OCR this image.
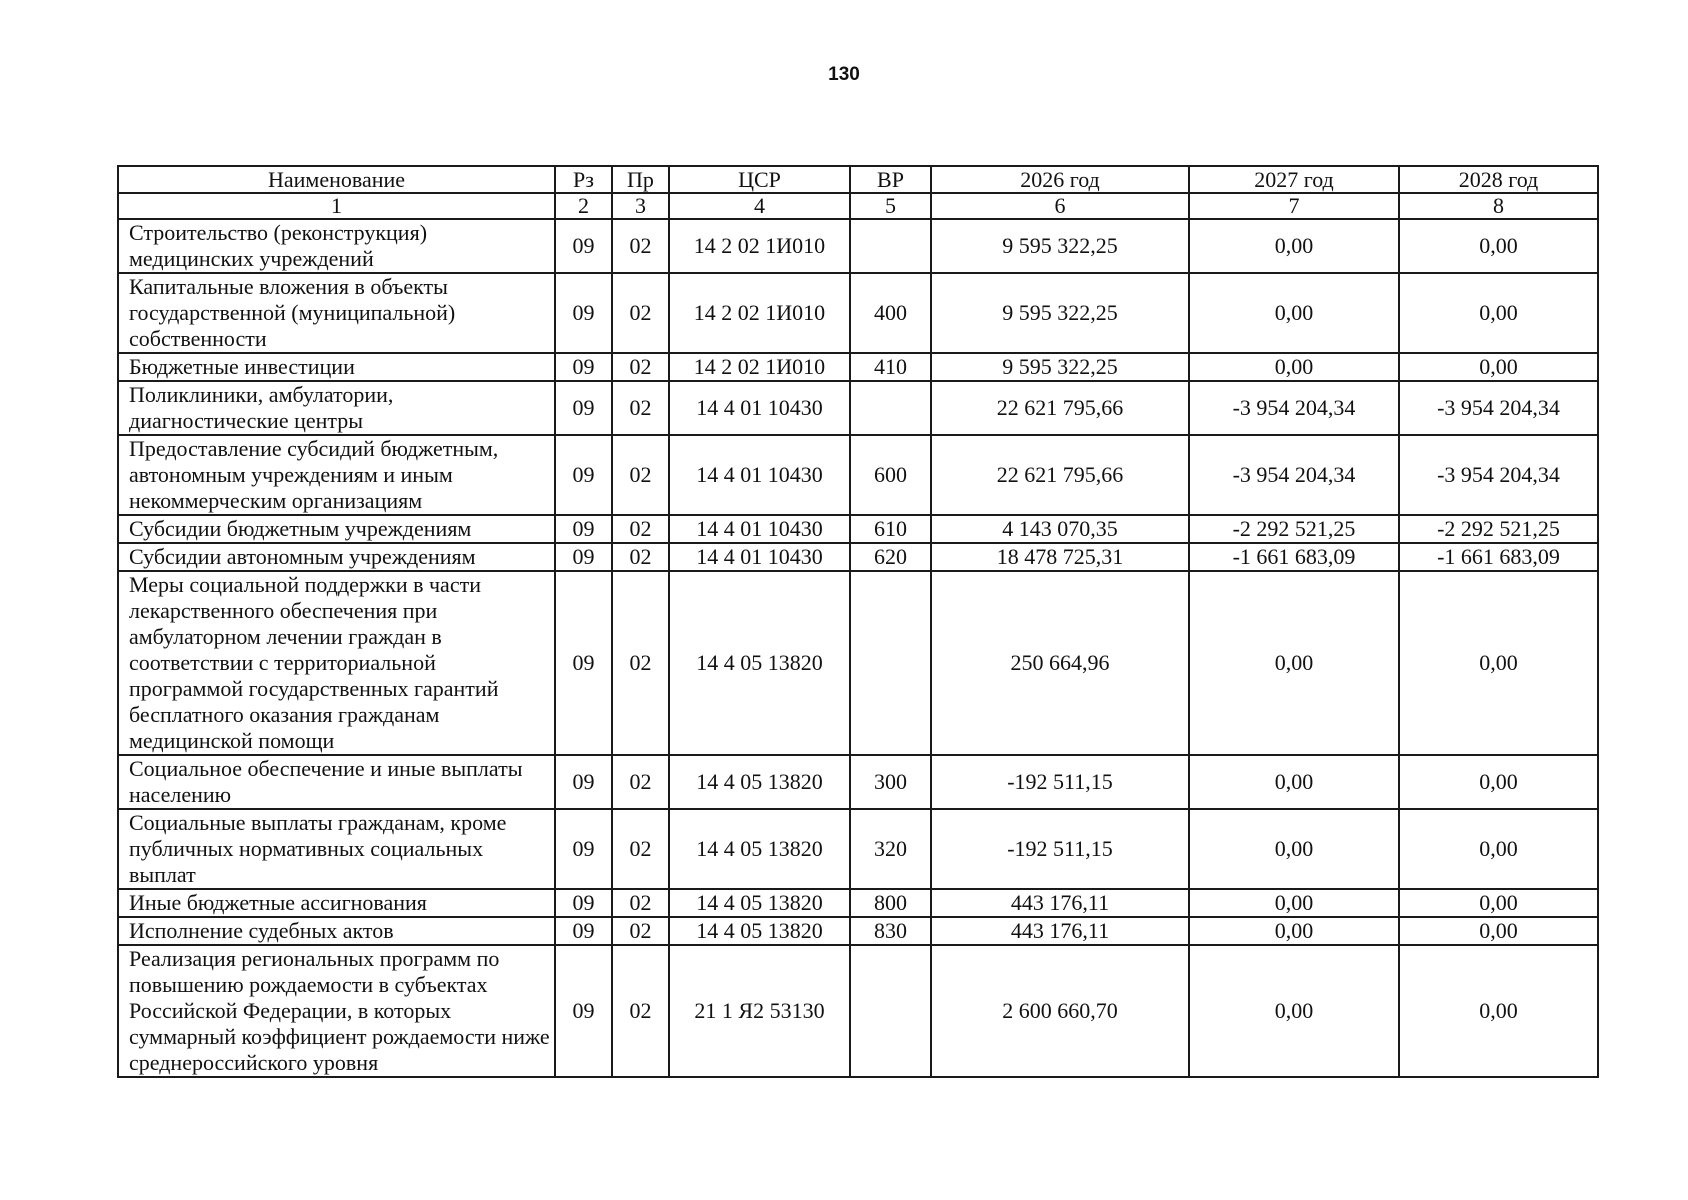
130
Наименование	Рз	Пр	ЦСР	ВР	2026 год	2027 год	2028 год
1	2	3	4	5	6	7	8
Строительство (реконструкция) медицинских учреждений	09	02	14 2 02 1И010		9 595 322,25	0,00	0,00
Капитальные вложения в объекты государственной (муниципальной) собственности	09	02	14 2 02 1И010	400	9 595 322,25	0,00	0,00
Бюджетные инвестиции	09	02	14 2 02 1И010	410	9 595 322,25	0,00	0,00
Поликлиники, амбулатории, диагностические центры	09	02	14 4 01 10430		22 621 795,66	-3 954 204,34	-3 954 204,34
Предоставление субсидий бюджетным, автономным учреждениям и иным некоммерческим организациям	09	02	14 4 01 10430	600	22 621 795,66	-3 954 204,34	-3 954 204,34
Субсидии бюджетным учреждениям	09	02	14 4 01 10430	610	4 143 070,35	-2 292 521,25	-2 292 521,25
Субсидии автономным учреждениям	09	02	14 4 01 10430	620	18 478 725,31	-1 661 683,09	-1 661 683,09
Меры социальной поддержки в части лекарственного обеспечения при амбулаторном лечении граждан в соответствии с территориальной программой государственных гарантий бесплатного оказания гражданам медицинской помощи	09	02	14 4 05 13820		250 664,96	0,00	0,00
Социальное обеспечение и иные выплаты населению	09	02	14 4 05 13820	300	-192 511,15	0,00	0,00
Социальные выплаты гражданам, кроме публичных нормативных социальных выплат	09	02	14 4 05 13820	320	-192 511,15	0,00	0,00
Иные бюджетные ассигнования	09	02	14 4 05 13820	800	443 176,11	0,00	0,00
Исполнение судебных актов	09	02	14 4 05 13820	830	443 176,11	0,00	0,00
Реализация региональных программ по повышению рождаемости в субъектах Российской Федерации, в которых суммарный коэффициент рождаемости ниже среднероссийского уровня	09	02	21 1 Я2 53130		2 600 660,70	0,00	0,00
